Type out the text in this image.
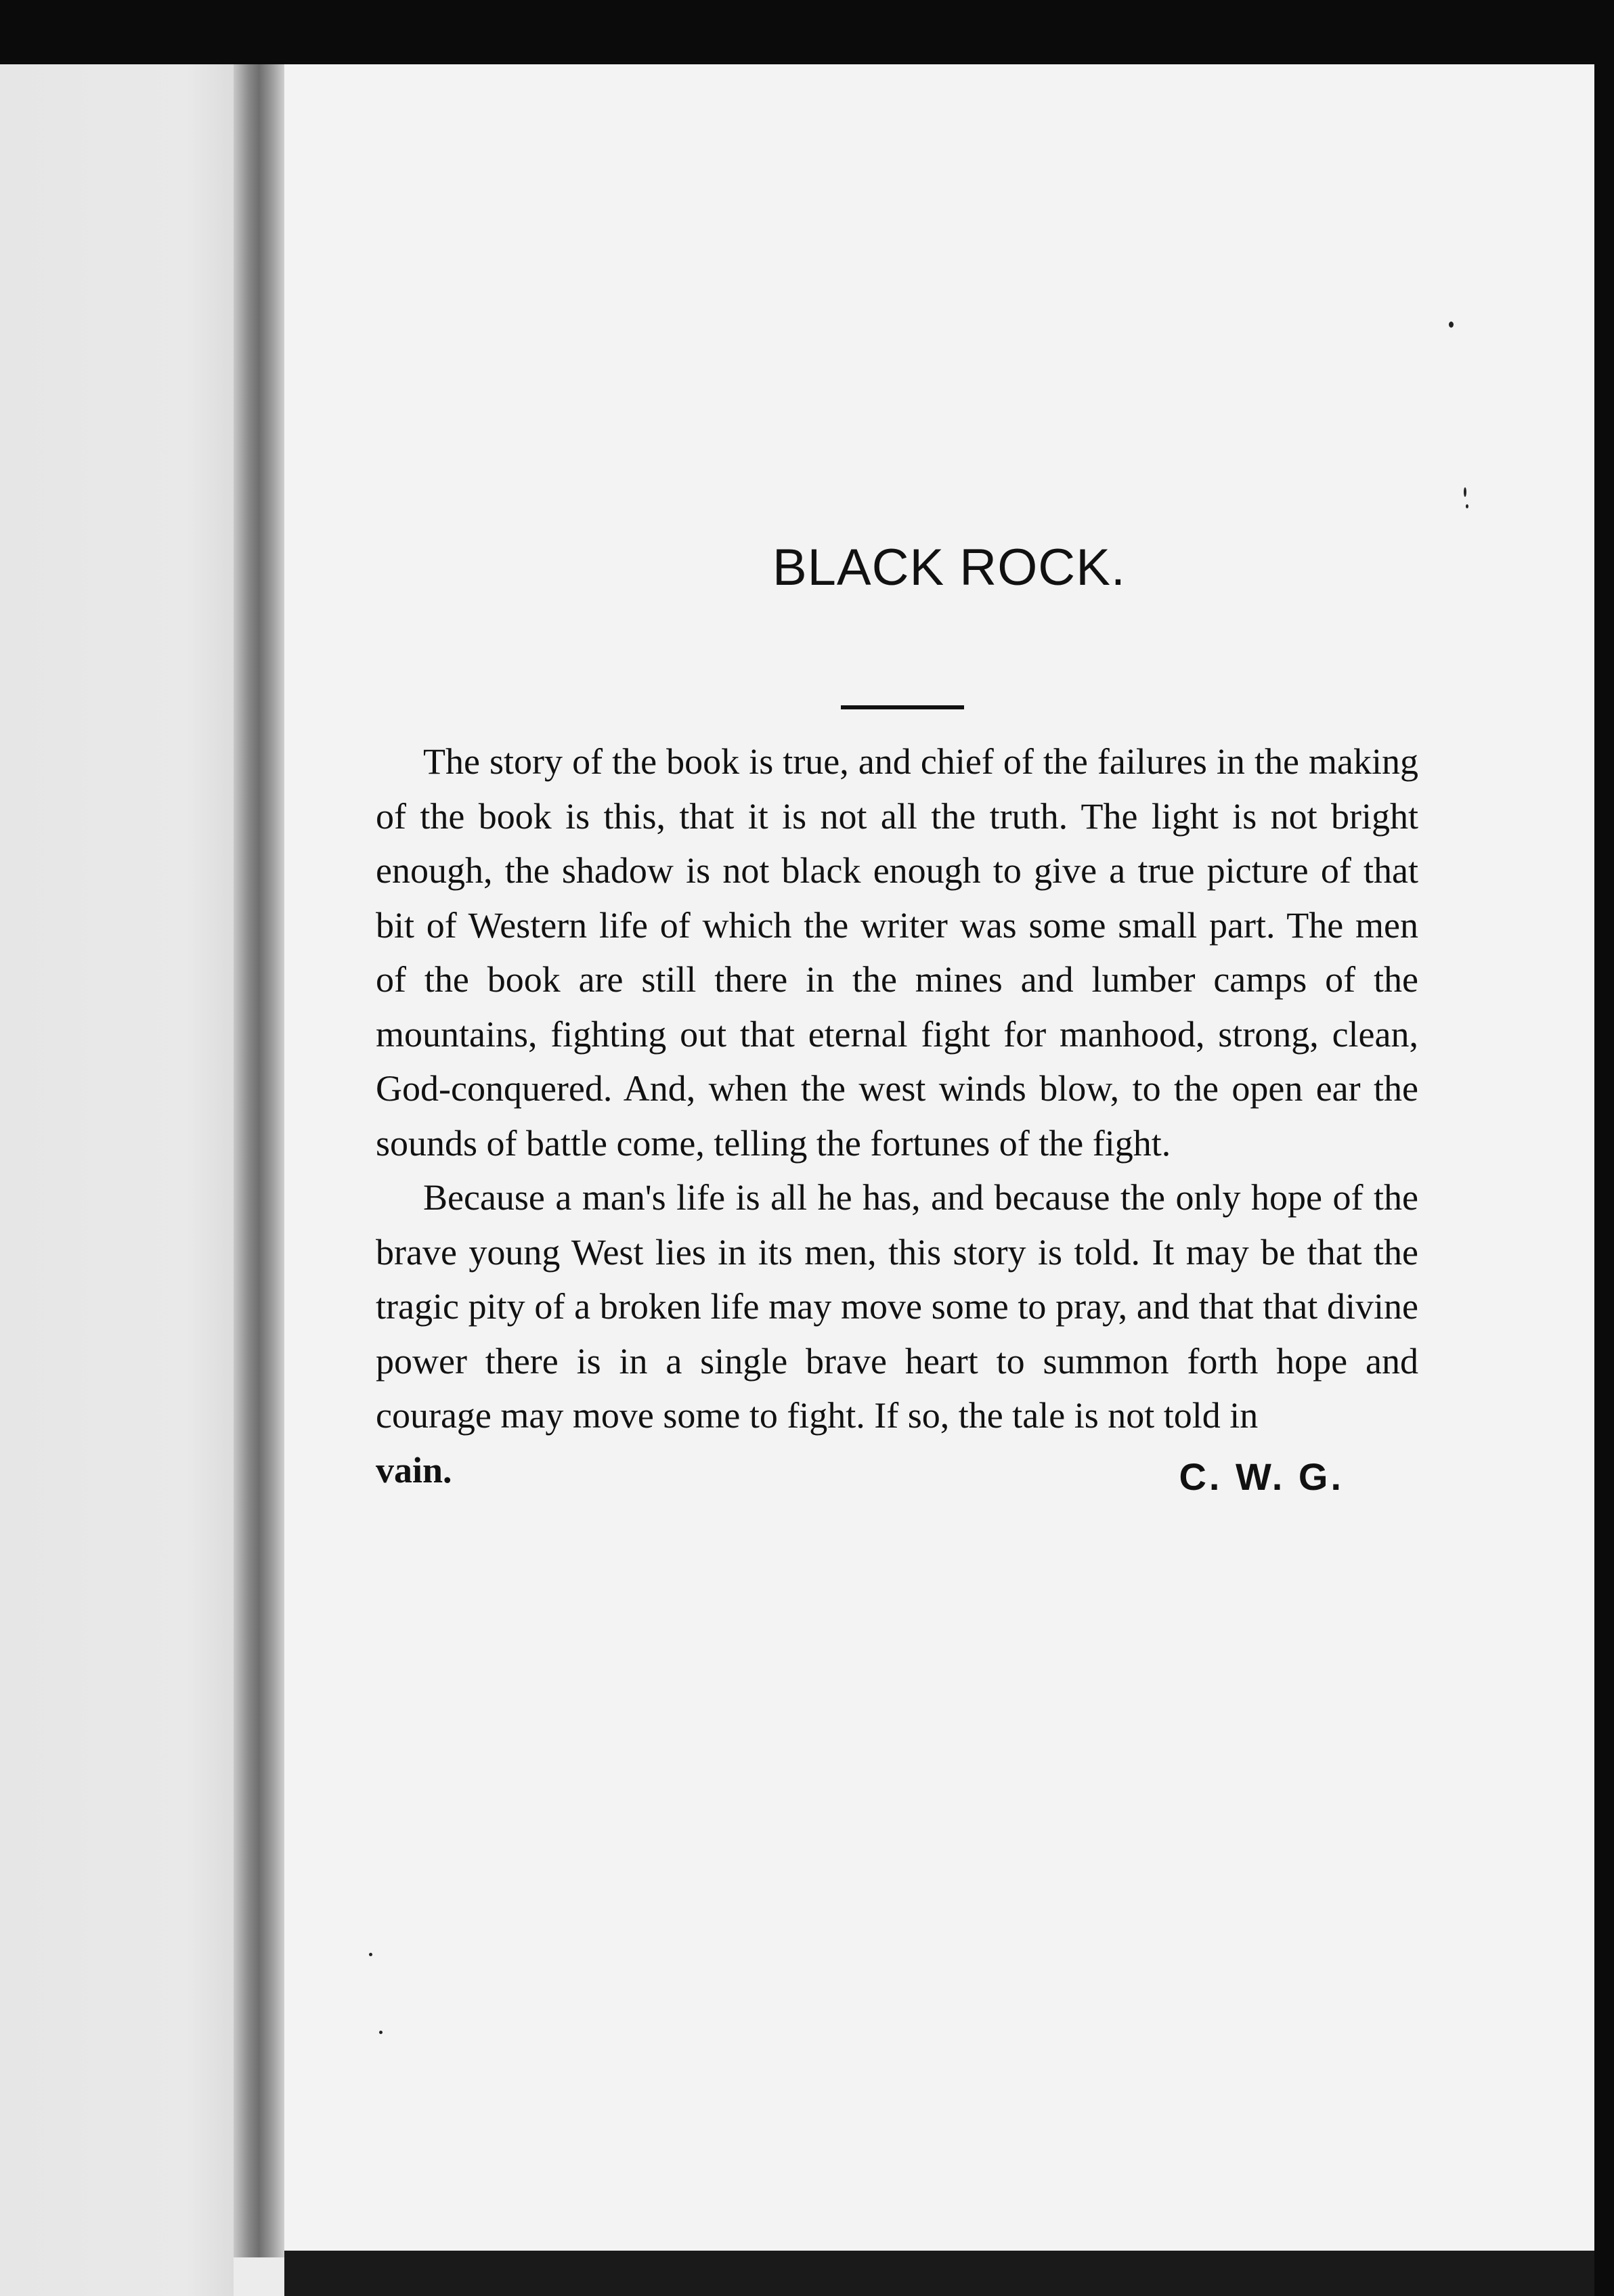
BLACK ROCK.

The story of the book is true, and chief of the failures in the making of the book is this, that it is not all the truth. The light is not bright enough, the shadow is not black enough to give a true picture of that bit of Western life of which the writer was some small part. The men of the book are still there in the mines and lumber camps of the mountains, fighting out that eternal fight for manhood, strong, clean, God-conquered. And, when the west winds blow, to the open ear the sounds of battle come, telling the fortunes of the fight.

Because a man's life is all he has, and because the only hope of the brave young West lies in its men, this story is told. It may be that the tragic pity of a broken life may move some to pray, and that that divine power there is in a single brave heart to summon forth hope and courage may move some to fight. If so, the tale is not told in

vain.	C. W. G.
